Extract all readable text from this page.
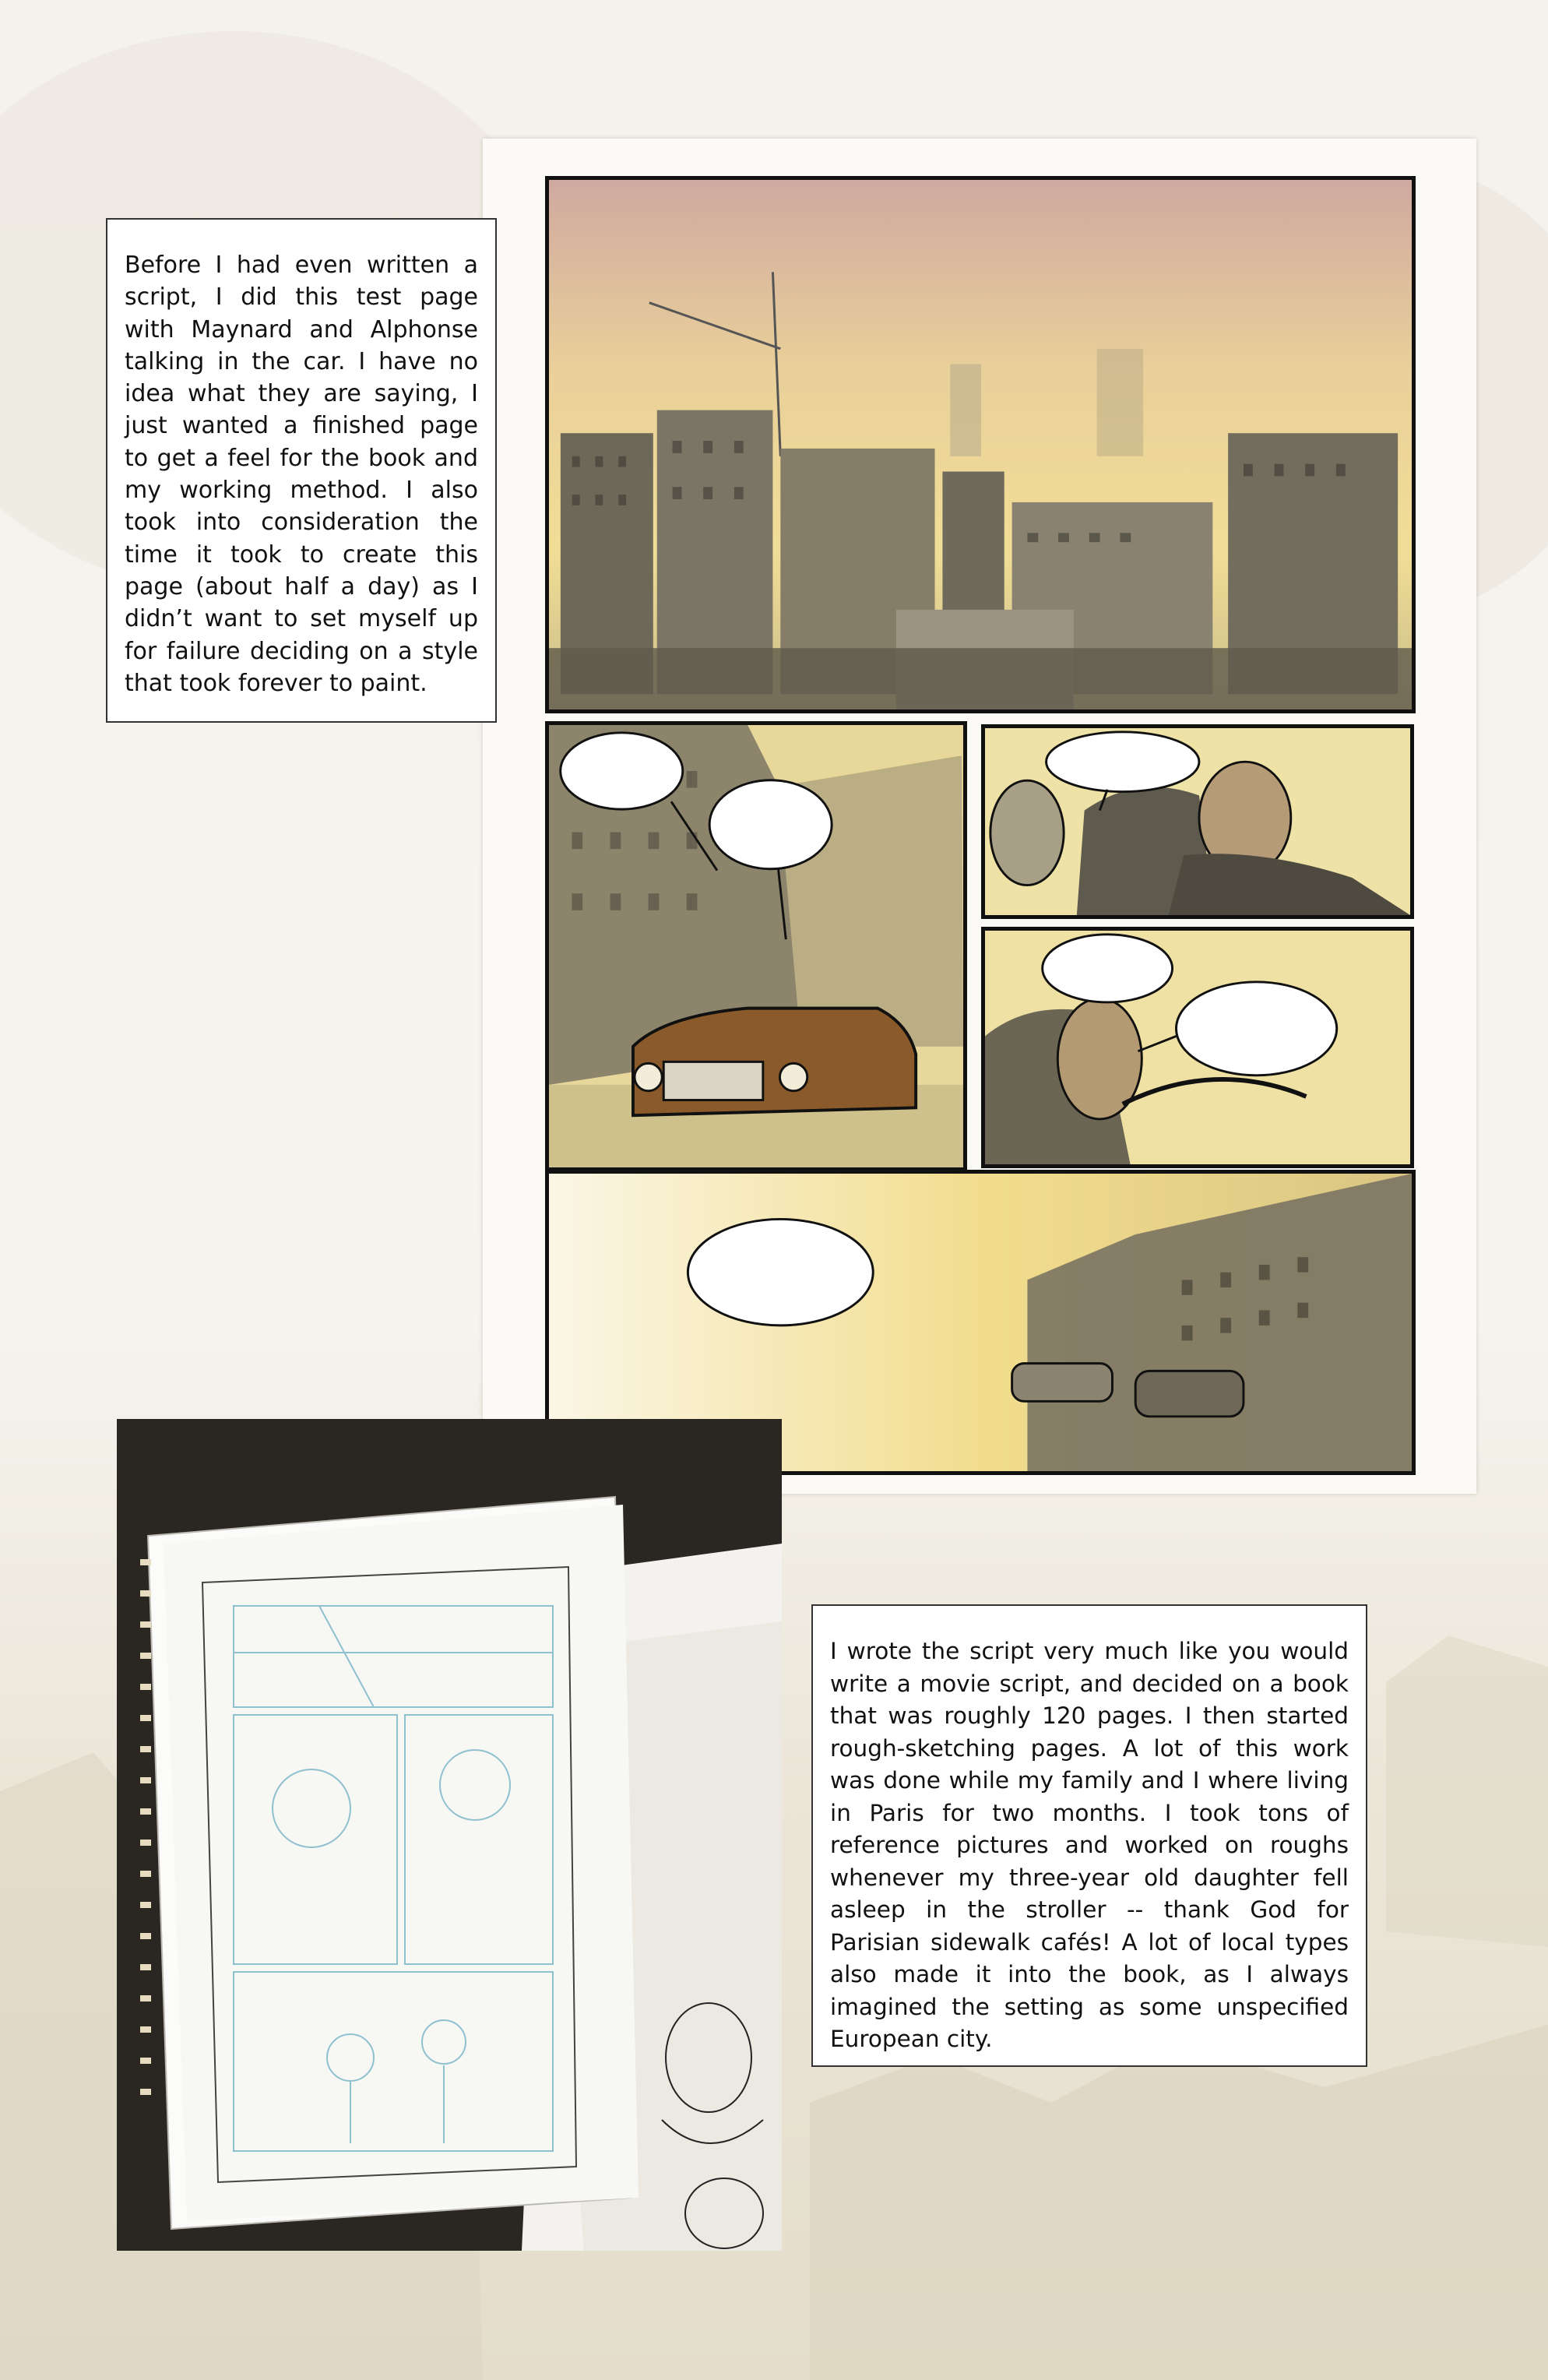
Before I had even written a script, I did this test page with Maynard and Alphonse talking in the car. I have no idea what they are saying, I just wanted a finished page to get a feel for the book and my working method. I also took into consideration the time it took to create this page (about half a day) as I didn’t want to set myself up for failure deciding on a style that took forever to paint.

I wrote the script very much like you would write a movie script, and decided on a book that was roughly 120 pages. I then started rough-sketching pages. A lot of this work was done while my family and I where living in Paris for two months. I took tons of reference pictures and worked on roughs whenever my three-year old daughter fell asleep in the stroller -- thank God for Parisian sidewalk cafés! A lot of local types also made it into the book, as I always imagined the setting as some unspecified European city.
